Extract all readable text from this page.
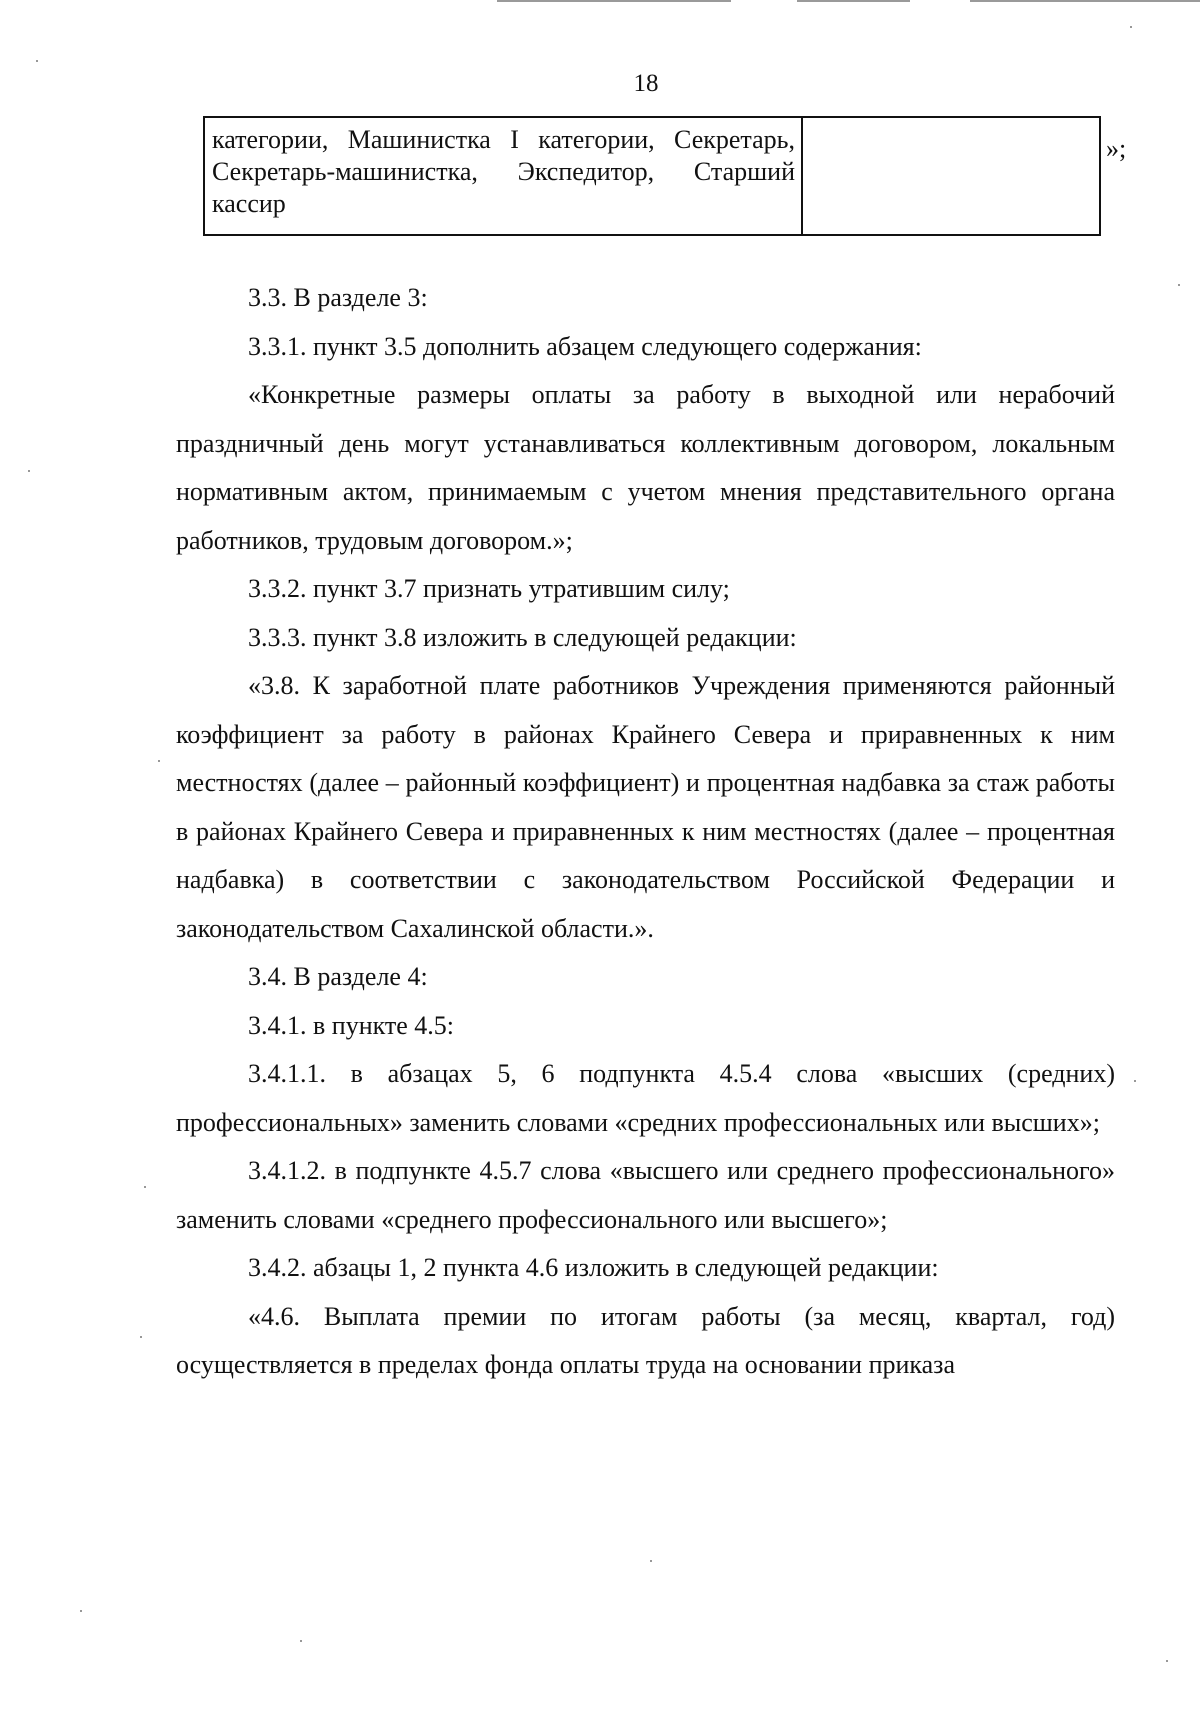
18
категории, Машинистка I категории, Секретарь,
Секретарь-машинистка, Экспедитор, Старший
кассир
»;

3.3. В разделе 3:

3.3.1. пункт 3.5 дополнить абзацем следующего содержания:

«Конкретные размеры оплаты за работу в выходной или нерабочий праздничный день могут устанавливаться коллективным договором, локальным нормативным актом, принимаемым с учетом мнения представительного органа работников, трудовым договором.»;

3.3.2. пункт 3.7 признать утратившим силу;

3.3.3. пункт 3.8 изложить в следующей редакции:

«3.8. К заработной плате работников Учреждения применяются районный коэффициент за работу в районах Крайнего Севера и приравненных к ним местностях (далее – районный коэффициент) и процентная надбавка за стаж работы в районах Крайнего Севера и приравненных к ним местностях (далее – процентная надбавка) в соответствии с законодательством Российской Федерации и законодательством Сахалинской области.».

3.4. В разделе 4:

3.4.1. в пункте 4.5:

3.4.1.1. в абзацах 5, 6 подпункта 4.5.4 слова «высших (средних) профессиональных» заменить словами «средних профессиональных или высших»;

3.4.1.2. в подпункте 4.5.7 слова «высшего или среднего профессионального» заменить словами «среднего профессионального или высшего»;

3.4.2. абзацы 1, 2 пункта 4.6 изложить в следующей редакции:

«4.6. Выплата премии по итогам работы (за месяц, квартал, год) осуществляется в пределах фонда оплаты труда на основании приказа
